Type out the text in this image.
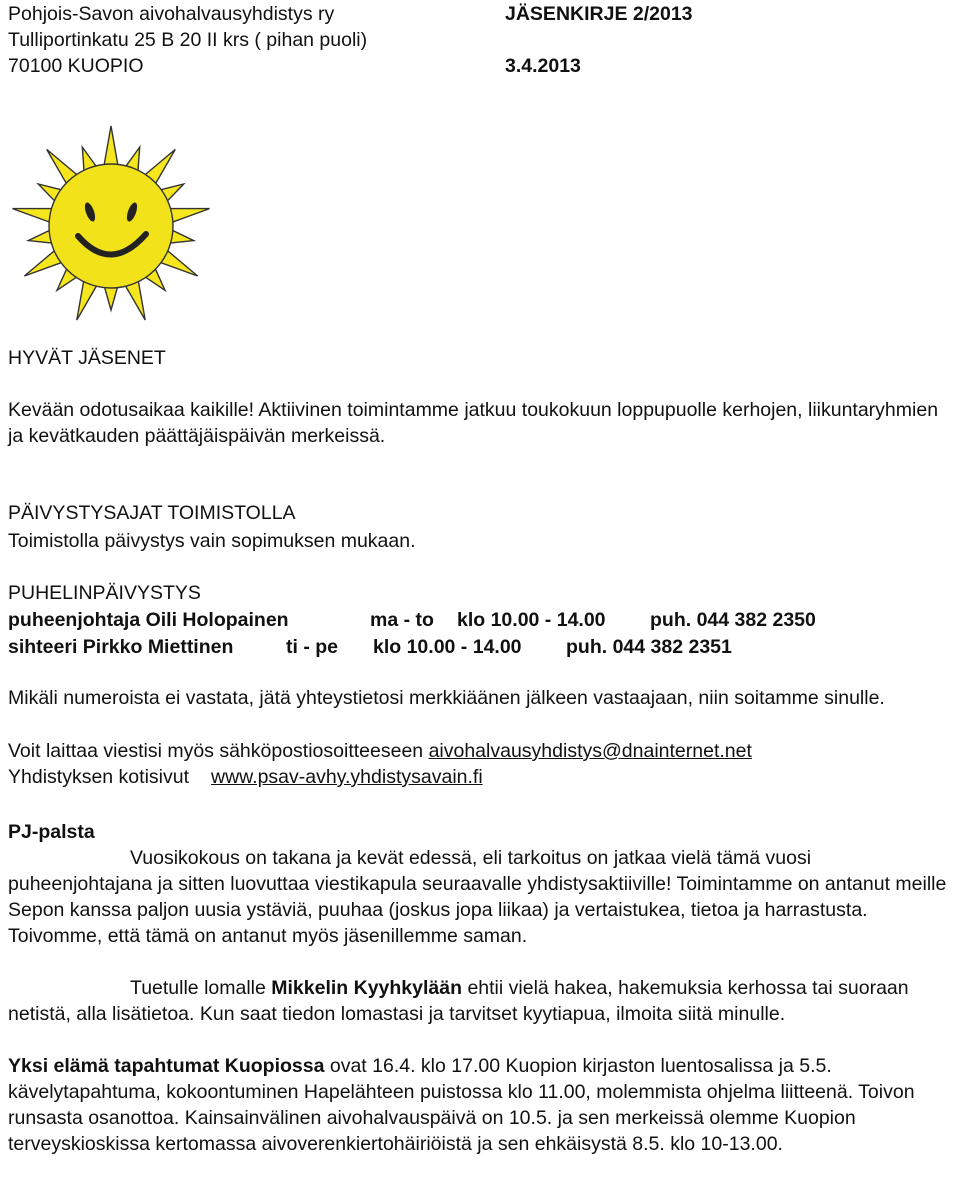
Pohjois-Savon aivohalvausyhdistys ry
Tulliportinkatu 25 B 20 II krs ( pihan puoli)
70100 KUOPIO
JÄSENKIRJE 2/2013
3.4.2013
HYVÄT JÄSENET
Kevään odotusaikaa kaikille! Aktiivinen toimintamme jatkuu toukokuun loppupuolle kerhojen, liikuntaryhmien ja kevätkauden päättäjäispäivän merkeissä.
PÄIVYSTYSAJAT TOIMISTOLLA
Toimistolla päivystys vain sopimuksen mukaan.
PUHELINPÄIVYSTYS
puheenjohtaja Oili Holopainen	ma - to klo 10.00 - 14.00 puh. 044 382 2350
sihteeri Pirkko Miettinen	ti - pe klo 10.00 - 14.00 puh. 044 382 2351
Mikäli numeroista ei vastata, jätä yhteystietosi merkkiäänen jälkeen vastaajaan, niin soitamme sinulle.
Voit laittaa viestisi myös sähköpostiosoitteeseen aivohalvausyhdistys@dnainternet.net
Yhdistyksen kotisivut www.psav-avhy.yhdistysavain.fi
PJ-palsta
Vuosikokous on takana ja kevät edessä, eli tarkoitus on jatkaa vielä tämä vuosi puheenjohtajana ja sitten luovuttaa viestikapula seuraavalle yhdistysaktiiville! Toimintamme on antanut meille Sepon kanssa paljon uusia ystäviä, puuhaa (joskus jopa liikaa) ja vertaistukea, tietoa ja harrastusta. Toivomme, että tämä on antanut myös jäsenillemme saman.
Tuetulle lomalle Mikkelin Kyyhkylään ehtii vielä hakea, hakemuksia kerhossa tai suoraan netistä, alla lisätietoa. Kun saat tiedon lomastasi ja tarvitset kyytiapua, ilmoita siitä minulle.
Yksi elämä tapahtumat Kuopiossa ovat 16.4. klo 17.00 Kuopion kirjaston luentosalissa ja 5.5. kävelytapahtuma, kokoontuminen Hapelähteen puistossa klo 11.00, molemmista ohjelma liitteenä. Toivon runsasta osanottoa. Kainsainvälinen aivohalvauspäivä on 10.5. ja sen merkeissä olemme Kuopion terveyskioskissa kertomassa aivoverenkiertohäiriöistä ja sen ehkäisystä 8.5. klo 10-13.00.
